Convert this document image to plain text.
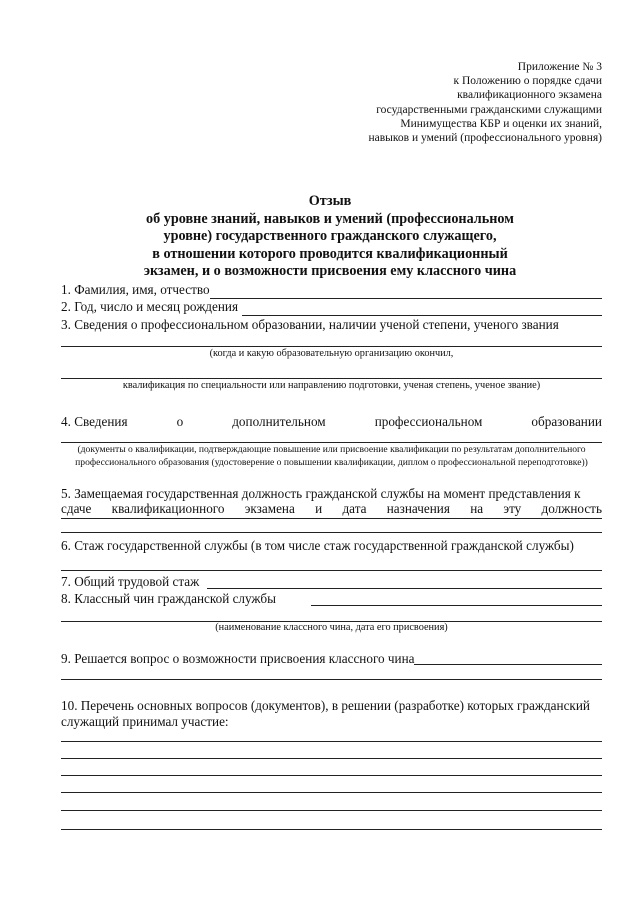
Приложение № 3
к Положению о порядке сдачи
квалификационного экзамена
государственными гражданскими служащими
Минимущества КБР и оценки их знаний,
навыков и умений (профессионального уровня)
Отзыв
об уровне знаний, навыков и умений (профессиональном
уровне) государственного гражданского служащего,
в отношении которого проводится квалификационный
экзамен, и о возможности присвоения ему классного чина
1. Фамилия, имя, отчество
2. Год, число и месяц рождения
3. Сведения о профессиональном образовании, наличии ученой степени, ученого звания
(когда и какую образовательную организацию окончил,
квалификация по специальности или направлению подготовки, ученая степень, ученое звание)
4. Сведения	о	дополнительном	профессиональном	образовании
(документы о квалификации, подтверждающие повышение или присвоение квалификации по результатам дополнительного
профессионального образования (удостоверение о повышении квалификации, диплом о профессиональной переподготовке))
5. Замещаемая государственная должность гражданской службы на момент представления к
сдаче квалификационного экзамена и дата назначения на эту должность
6. Стаж государственной службы (в том числе стаж государственной гражданской службы)
7. Общий трудовой стаж
8. Классный чин гражданской службы
(наименование классного чина, дата его присвоения)
9. Решается вопрос о возможности присвоения классного чина
10. Перечень основных вопросов (документов), в решении (разработке) которых гражданский
служащий принимал участие:
